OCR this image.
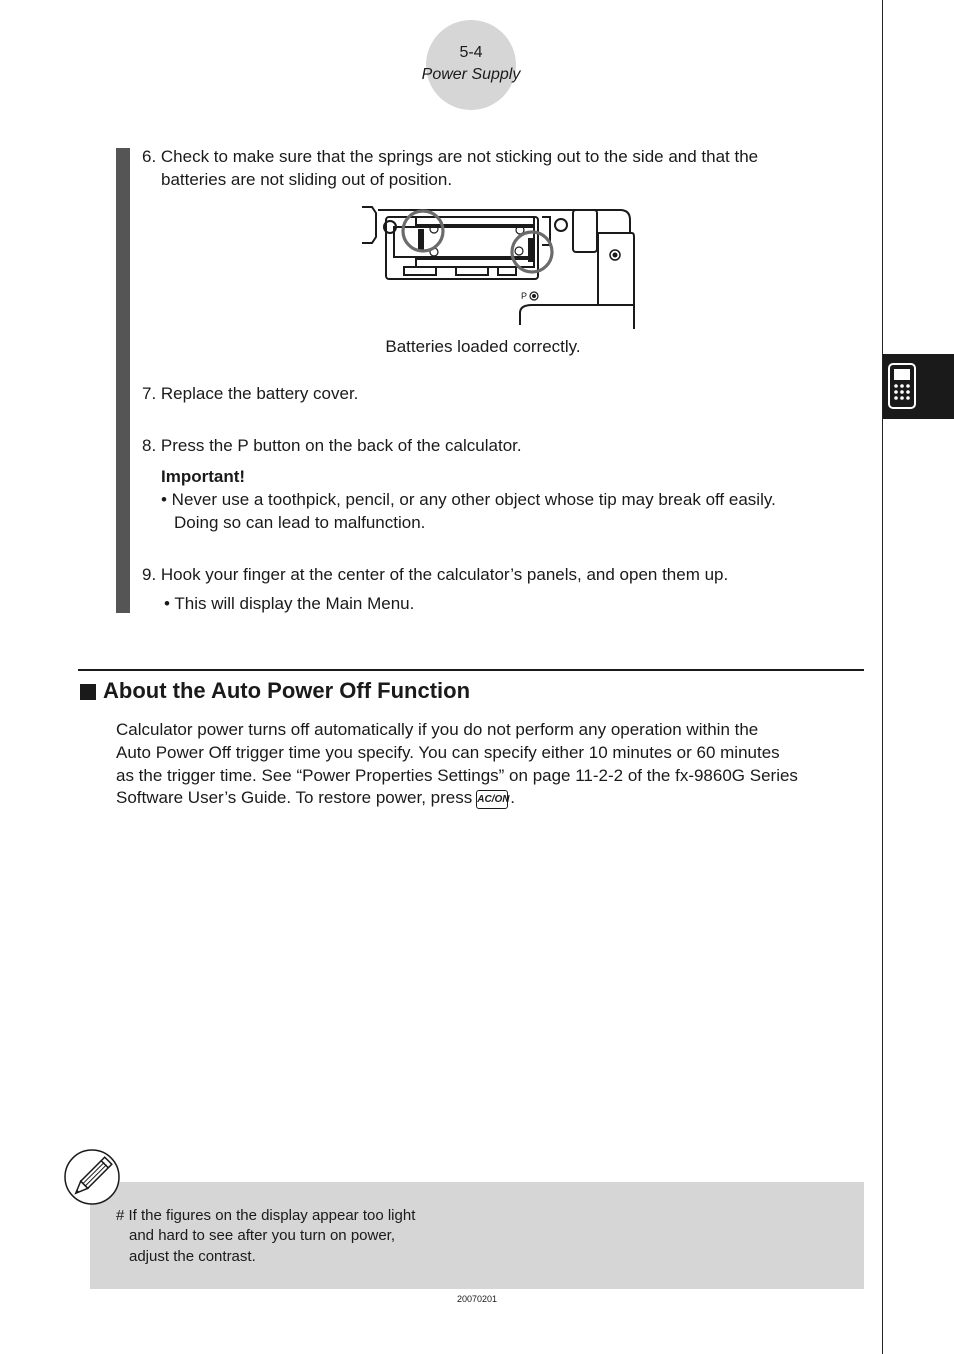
5-4
Power Supply
6. Check to make sure that the springs are not sticking out to the side and that the
batteries are not sliding out of position.
P
Batteries loaded correctly.
7. Replace the battery cover.
8. Press the P button on the back of the calculator.
Important!
• Never use a toothpick, pencil, or any other object whose tip may break off easily.
Doing so can lead to malfunction.
9. Hook your finger at the center of the calculator’s panels, and open them up.
• This will display the Main Menu.
About the Auto Power Off Function
Calculator power turns off automatically if you do not perform any operation within the
Auto Power Off trigger time you specify. You can specify either 10 minutes or 60 minutes
as the trigger time. See “Power Properties Settings” on page 11-2-2 of the fx-9860G Series
Software User’s Guide. To restore power, press AC/ON.
# If the figures on the display appear too light
and hard to see after you turn on power,
adjust the contrast.
20070201
